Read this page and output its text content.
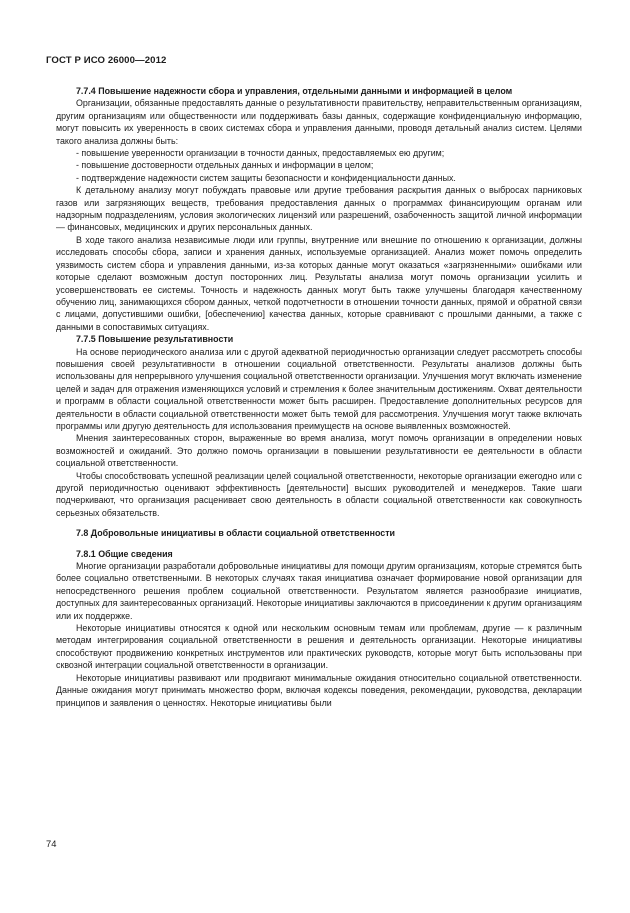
ГОСТ Р ИСО 26000—2012
7.7.4 Повышение надежности сбора и управления, отдельными данными и информацией в целом
Организации, обязанные предоставлять данные о результативности правительству, неправительственным организациям, другим организациям или общественности или поддерживать базы данных, содержащие конфиденциальную информацию, могут повысить их уверенность в своих системах сбора и управления данными, проводя детальный анализ систем. Целями такого анализа должны быть:
- повышение уверенности организации в точности данных, предоставляемых ею другим;
- повышение достоверности отдельных данных и информации в целом;
- подтверждение надежности систем защиты безопасности и конфиденциальности данных.
К детальному анализу могут побуждать правовые или другие требования раскрытия данных о выбросах парниковых газов или загрязняющих веществ, требования предоставления данных о программах финансирующим органам или надзорным подразделениям, условия экологических лицензий или разрешений, озабоченность защитой личной информации — финансовых, медицинских и других персональных данных.
В ходе такого анализа независимые люди или группы, внутренние или внешние по отношению к организации, должны исследовать способы сбора, записи и хранения данных, используемые организацией. Анализ может помочь определить уязвимость систем сбора и управления данными, из-за которых данные могут оказаться «загрязненными» ошибками или которые сделают возможным доступ посторонних лиц. Результаты анализа могут помочь организации усилить и усовершенствовать ее системы. Точность и надежность данных могут быть также улучшены благодаря качественному обучению лиц, занимающихся сбором данных, четкой подотчетности в отношении точности данных, прямой и обратной связи с лицами, допустившими ошибки, [обеспечению] качества данных, которые сравнивают с прошлыми данными, а также с данными в сопоставимых ситуациях.
7.7.5 Повышение результативности
На основе периодического анализа или с другой адекватной периодичностью организации следует рассмотреть способы повышения своей результативности в отношении социальной ответственности. Результаты анализов должны быть использованы для непрерывного улучшения социальной ответственности организации. Улучшения могут включать изменение целей и задач для отражения изменяющихся условий и стремления к более значительным достижениям. Охват деятельности и программ в области социальной ответственности может быть расширен. Предоставление дополнительных ресурсов для деятельности в области социальной ответственности может быть темой для рассмотрения. Улучшения могут также включать программы или другую деятельность для использования преимуществ на основе выявленных возможностей.
Мнения заинтересованных сторон, выраженные во время анализа, могут помочь организации в определении новых возможностей и ожиданий. Это должно помочь организации в повышении результативности ее деятельности в области социальной ответственности.
Чтобы способствовать успешной реализации целей социальной ответственности, некоторые организации ежегодно или с другой периодичностью оценивают эффективность [деятельности] высших руководителей и менеджеров. Такие шаги подчеркивают, что организация расценивает свою деятельность в области социальной ответственности как совокупность серьезных обязательств.
7.8 Добровольные инициативы в области социальной ответственности
7.8.1 Общие сведения
Многие организации разработали добровольные инициативы для помощи другим организациям, которые стремятся быть более социально ответственными. В некоторых случаях такая инициатива означает формирование новой организации для непосредственного решения проблем социальной ответственности. Результатом является разнообразие инициатив, доступных для заинтересованных организаций. Некоторые инициативы заключаются в присоединении к другим организациям или их поддержке.
Некоторые инициативы относятся к одной или нескольким основным темам или проблемам, другие — к различным методам интегрирования социальной ответственности в решения и деятельность организации. Некоторые инициативы способствуют продвижению конкретных инструментов или практических руководств, которые могут быть использованы при сквозной интеграции социальной ответственности в организации.
Некоторые инициативы развивают или продвигают минимальные ожидания относительно социальной ответственности. Данные ожидания могут принимать множество форм, включая кодексы поведения, рекомендации, руководства, декларации принципов и заявления о ценностях. Некоторые инициативы были
74
